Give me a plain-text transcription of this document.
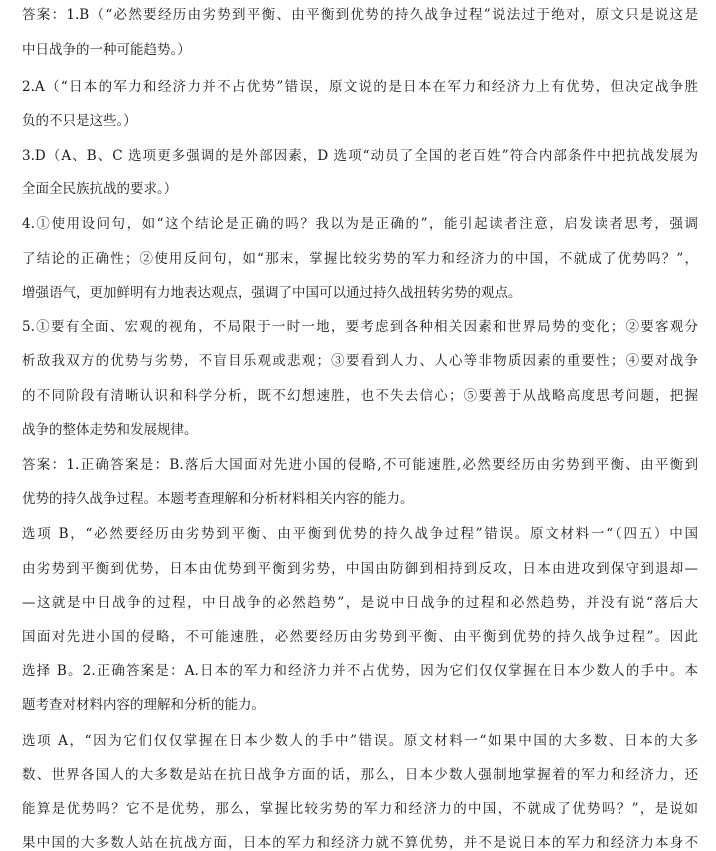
答案：1.B（“必然要经历由劣势到平衡、由平衡到优势的持久战争过程”说法过于绝对，原文只是说这是
中日战争的一种可能趋势。）
2.A（“日本的军力和经济力并不占优势”错误，原文说的是日本在军力和经济力上有优势，但决定战争胜
负的不只是这些。）
3.D（A、B、C 选项更多强调的是外部因素，D 选项“动员了全国的老百姓”符合内部条件中把抗战发展为
全面全民族抗战的要求。）
4.①使用设问句，如“这个结论是正确的吗？我以为是正确的”，能引起读者注意，启发读者思考，强调
了结论的正确性；②使用反问句，如“那末，掌握比较劣势的军力和经济力的中国，不就成了优势吗？”，
增强语气，更加鲜明有力地表达观点，强调了中国可以通过持久战扭转劣势的观点。
5.①要有全面、宏观的视角，不局限于一时一地，要考虑到各种相关因素和世界局势的变化；②要客观分
析敌我双方的优势与劣势，不盲目乐观或悲观；③要看到人力、人心等非物质因素的重要性；④要对战争
的不同阶段有清晰认识和科学分析，既不幻想速胜，也不失去信心；⑤要善于从战略高度思考问题，把握
战争的整体走势和发展规律。
答案：1.正确答案是：B.落后大国面对先进小国的侵略,不可能速胜,必然要经历由劣势到平衡、由平衡到
优势的持久战争过程。本题考查理解和分析材料相关内容的能力。
选项 B，“必然要经历由劣势到平衡、由平衡到优势的持久战争过程”错误。原文材料一“（四五）中国
由劣势到平衡到优势，日本由优势到平衡到劣势，中国由防御到相持到反攻，日本由进攻到保守到退却—
—这就是中日战争的过程，中日战争的必然趋势”，是说中日战争的过程和必然趋势，并没有说“落后大
国面对先进小国的侵略，不可能速胜，必然要经历由劣势到平衡、由平衡到优势的持久战争过程”。因此
选择 B。2.正确答案是：A.日本的军力和经济力并不占优势，因为它们仅仅掌握在日本少数人的手中。本
题考查对材料内容的理解和分析的能力。
选项 A，“因为它们仅仅掌握在日本少数人的手中”错误。原文材料一“如果中国的大多数、日本的大多
数、世界各国人的大多数是站在抗日战争方面的话，那么，日本少数人强制地掌握着的军力和经济力，还
能算是优势吗？它不是优势，那么，掌握比较劣势的军力和经济力的中国，不就成了优势吗？”，是说如
果中国的大多数人站在抗战方面，日本的军力和经济力就不算优势，并不是说日本的军力和经济力本身不
